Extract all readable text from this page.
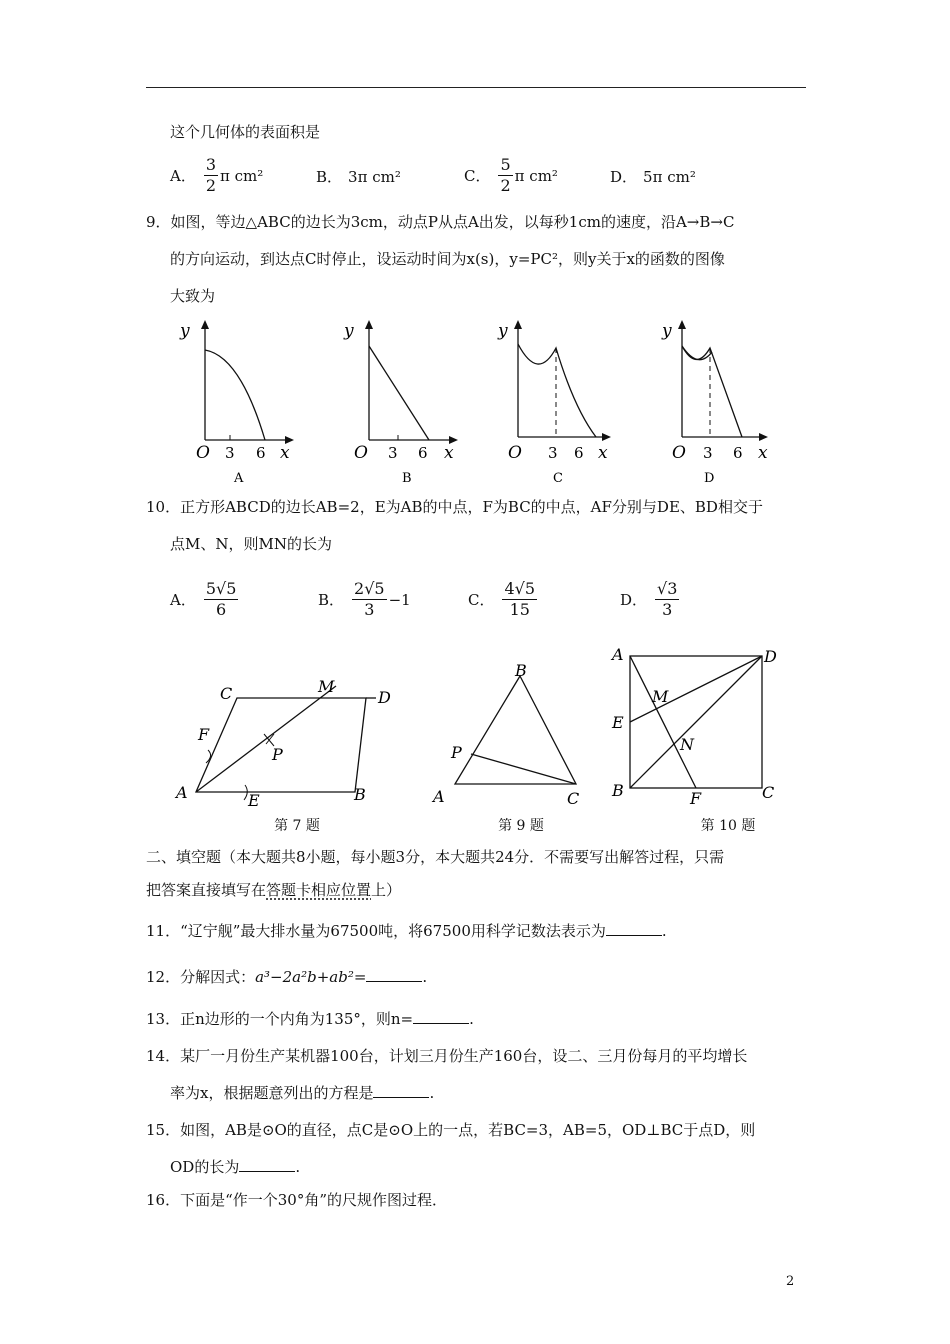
这个几何体的表面积是
A． $\frac{3}{2}$ π cm²	B． 3π cm²	C． $\frac{5}{2}$ π cm²	D． 5π cm²
9．如图，等边△ABC的边长为3cm，动点P从点A出发，以每秒1cm的速度，沿A→B→C
的方向运动，到达点C时停止，设运动时间为x(s)，y=PC²，则y关于x的函数的图像
大致为
y
O 3 6 x
A
y
O 3 6 x
B
y
O 3 6 x
C
y
O 3 6 x
D
10．正方形ABCD的边长AB=2，E为AB的中点，F为BC的中点，AF分别与DE、BD相交于
点M、N，则MN的长为
A． $\frac{5√5}{6}$	B． $\frac{2√5}{3} -1$	C． $\frac{4√5}{15}$	D． $\frac{√3}{3}$
C	M
D
F
P
A	E	B
第 7 题
B
P
A	C
第 9 题
A	D
M
E
N
B	F	C
第 10 题
二、填空题（本大题共8小题，每小题3分，本大题共24分．不需要写出解答过程，只需
把答案直接填写在答题卡相应位置上）
11．“辽宁舰”最大排水量为67500吨，将67500用科学记数法表示为	.
12．分解因式：a³−2a²b+ab²=	.
13．正n边形的一个内角为135°，则n=	.
14．某厂一月份生产某机器100台，计划三月份生产160台，设二、三月份每月的平均增长
率为x，根据题意列出的方程是	.
15．如图，AB是⊙O的直径，点C是⊙O上的一点，若BC=3，AB=5，OD⊥BC于点D，则
OD的长为	.
16．下面是“作一个30°角”的尺规作图过程．
2
